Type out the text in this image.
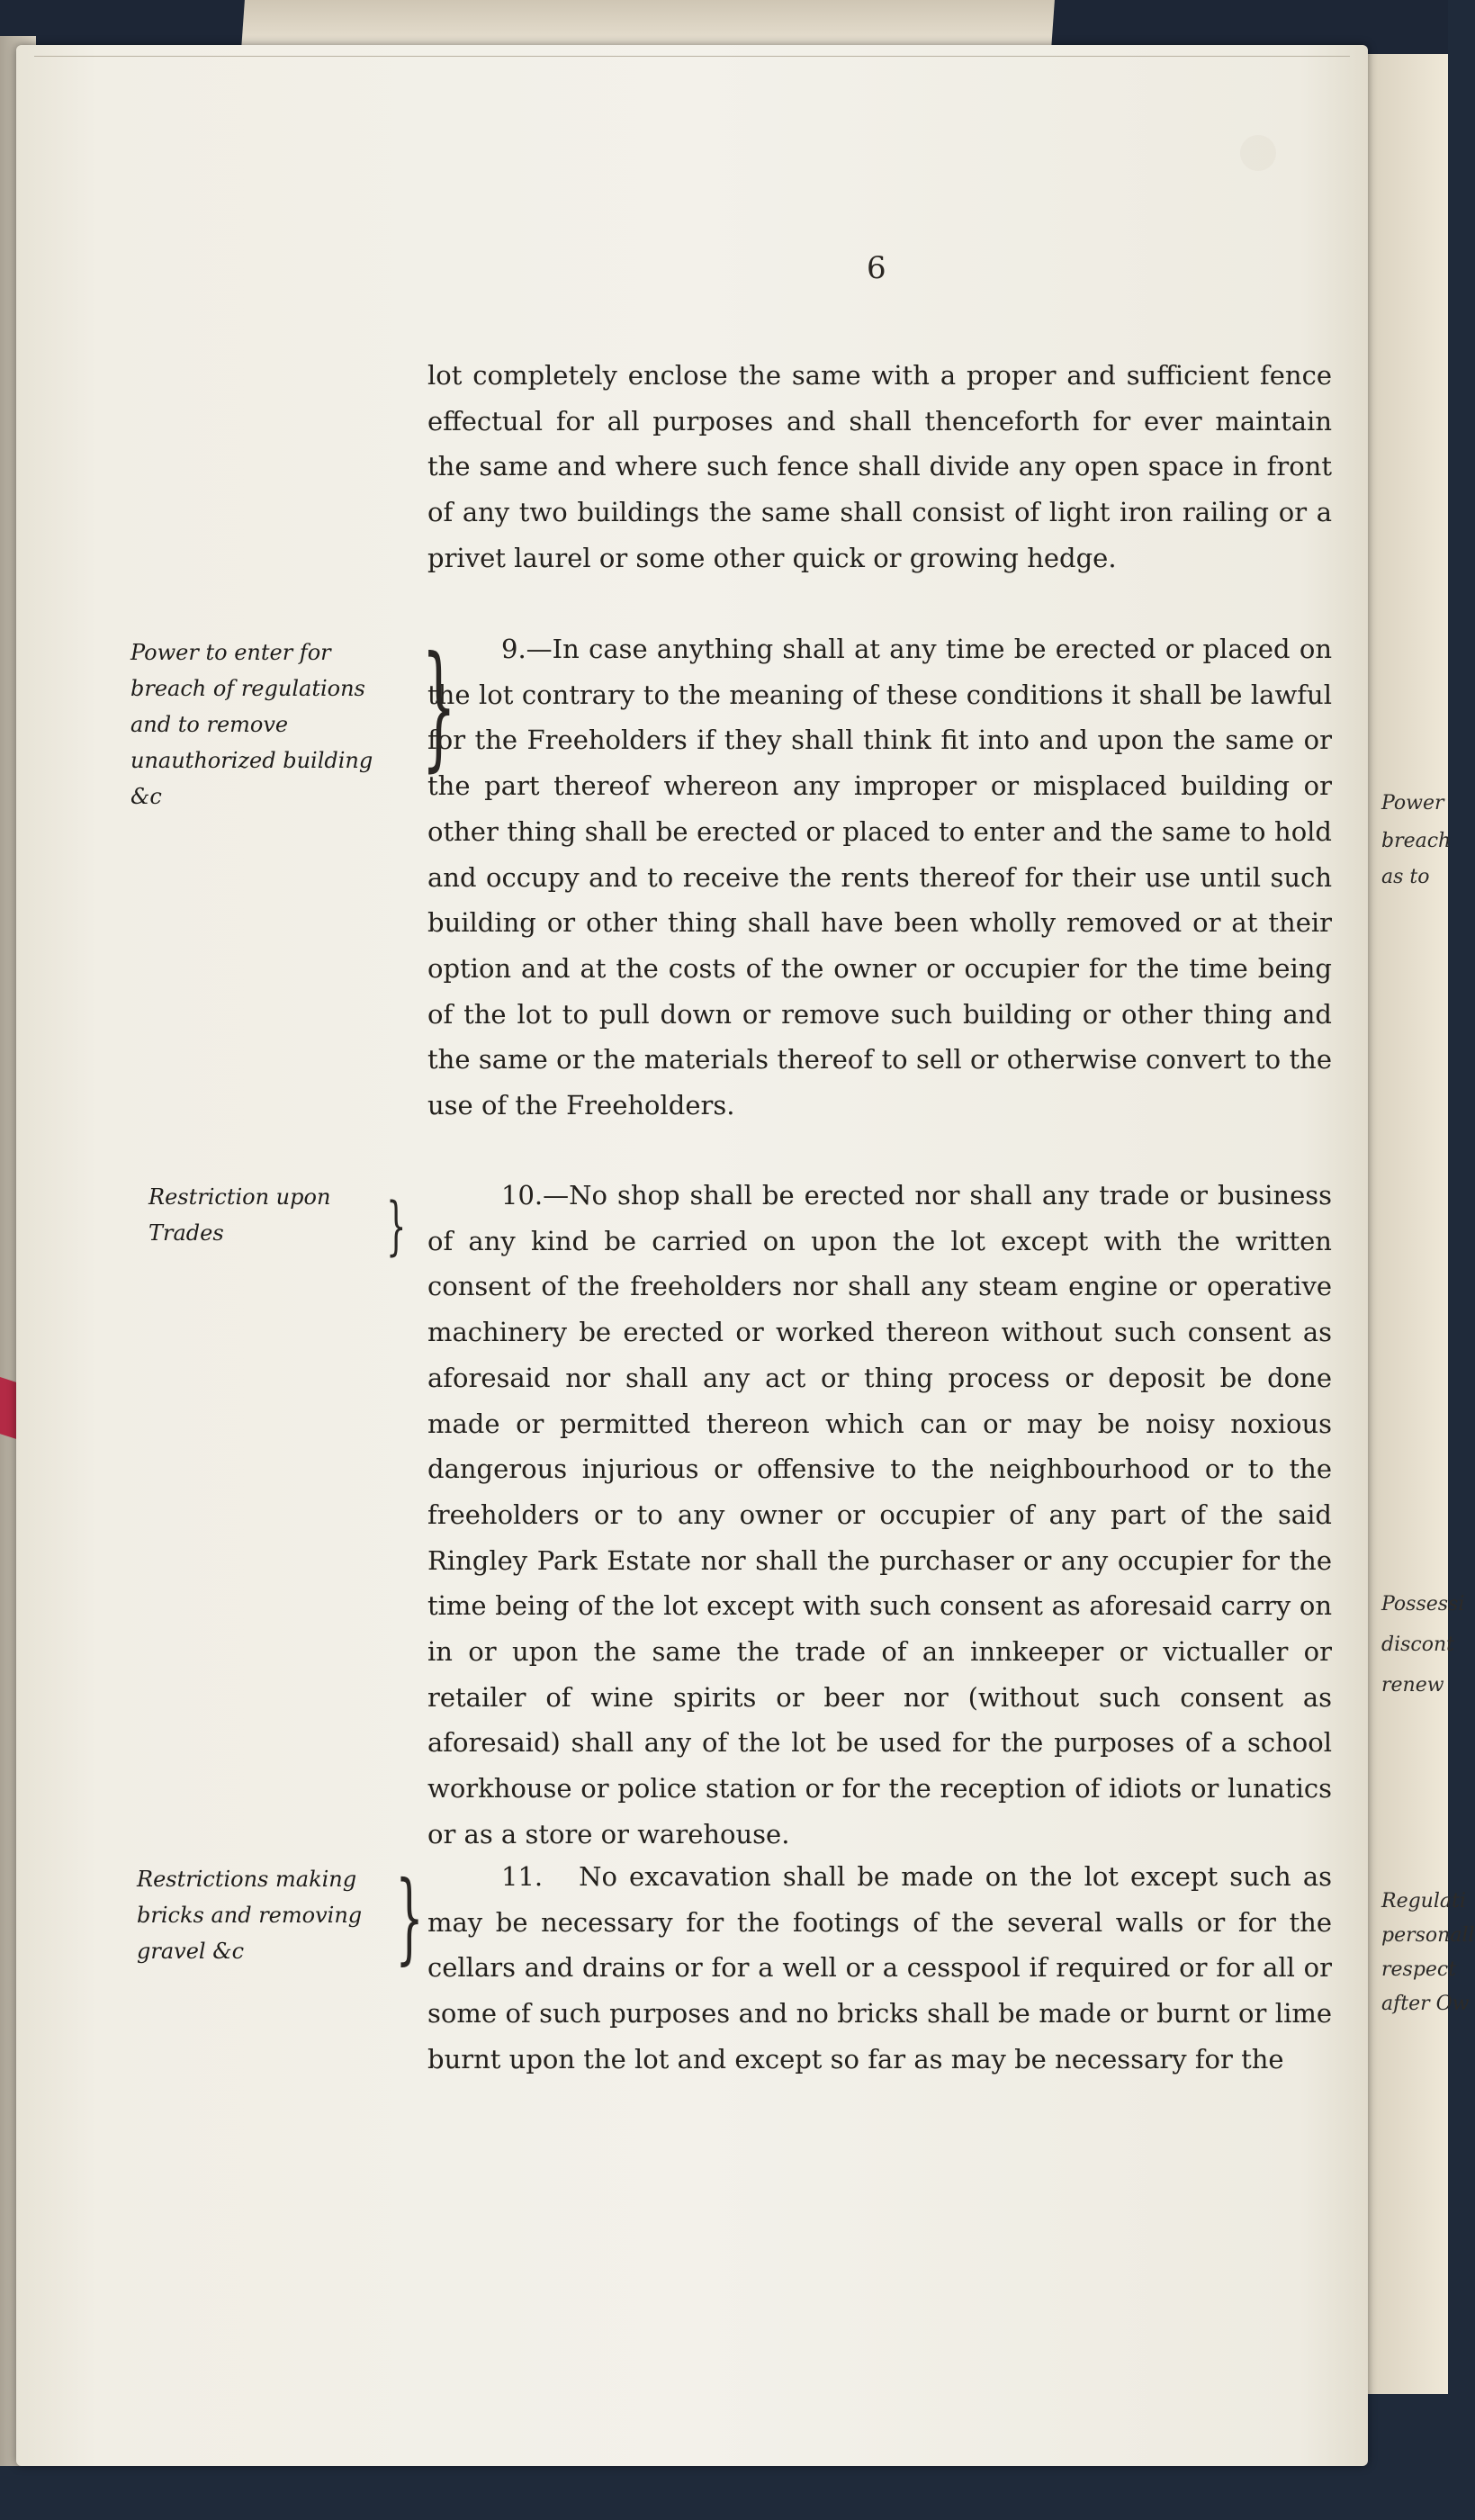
Power
breach
as to
Possessi
discont
renew
Regulati
personall
respect
after Ow
6
lot completely enclose the same with a proper and sufficient fence effectual for all purposes and shall thenceforth for ever maintain the same and where such fence shall divide any open space in front of any two buildings the same shall consist of light iron railing or a privet laurel or some other quick or growing hedge.
9.—In case anything shall at any time be erected or placed on the lot contrary to the meaning of these conditions it shall be lawful for the Freeholders if they shall think fit into and upon the same or the part thereof whereon any improper or misplaced building or other thing shall be erected or placed to enter and the same to hold and occupy and to receive the rents thereof for their use until such building or other thing shall have been wholly removed or at their option and at the costs of the owner or occupier for the time being of the lot to pull down or remove such building or other thing and the same or the materials thereof to sell or otherwise convert to the use of the Freeholders.
10.—No shop shall be erected nor shall any trade or business of any kind be carried on upon the lot except with the written consent of the freeholders nor shall any steam engine or operative machinery be erected or worked thereon without such consent as aforesaid nor shall any act or thing process or deposit be done made or permitted thereon which can or may be noisy noxious dangerous injurious or offensive to the neighbourhood or to the freeholders or to any owner or occupier of any part of the said Ringley Park Estate nor shall the purchaser or any occupier for the time being of the lot except with such consent as aforesaid carry on in or upon the same the trade of an innkeeper or victualler or retailer of wine spirits or beer nor (without such consent as aforesaid) shall any of the lot be used for the purposes of a school workhouse or police station or for the reception of idiots or lunatics or as a store or warehouse.
11. No excavation shall be made on the lot except such as may be necessary for the footings of the several walls or for the cellars and drains or for a well or a cesspool if required or for all or some of such purposes and no bricks shall be made or burnt or lime burnt upon the lot and except so far as may be necessary for the
Power to enter for
breach of regulations
and to remove
unauthorized building &c
}
Restriction upon
Trades	}
Restrictions making
bricks and removing
gravel &c	}
